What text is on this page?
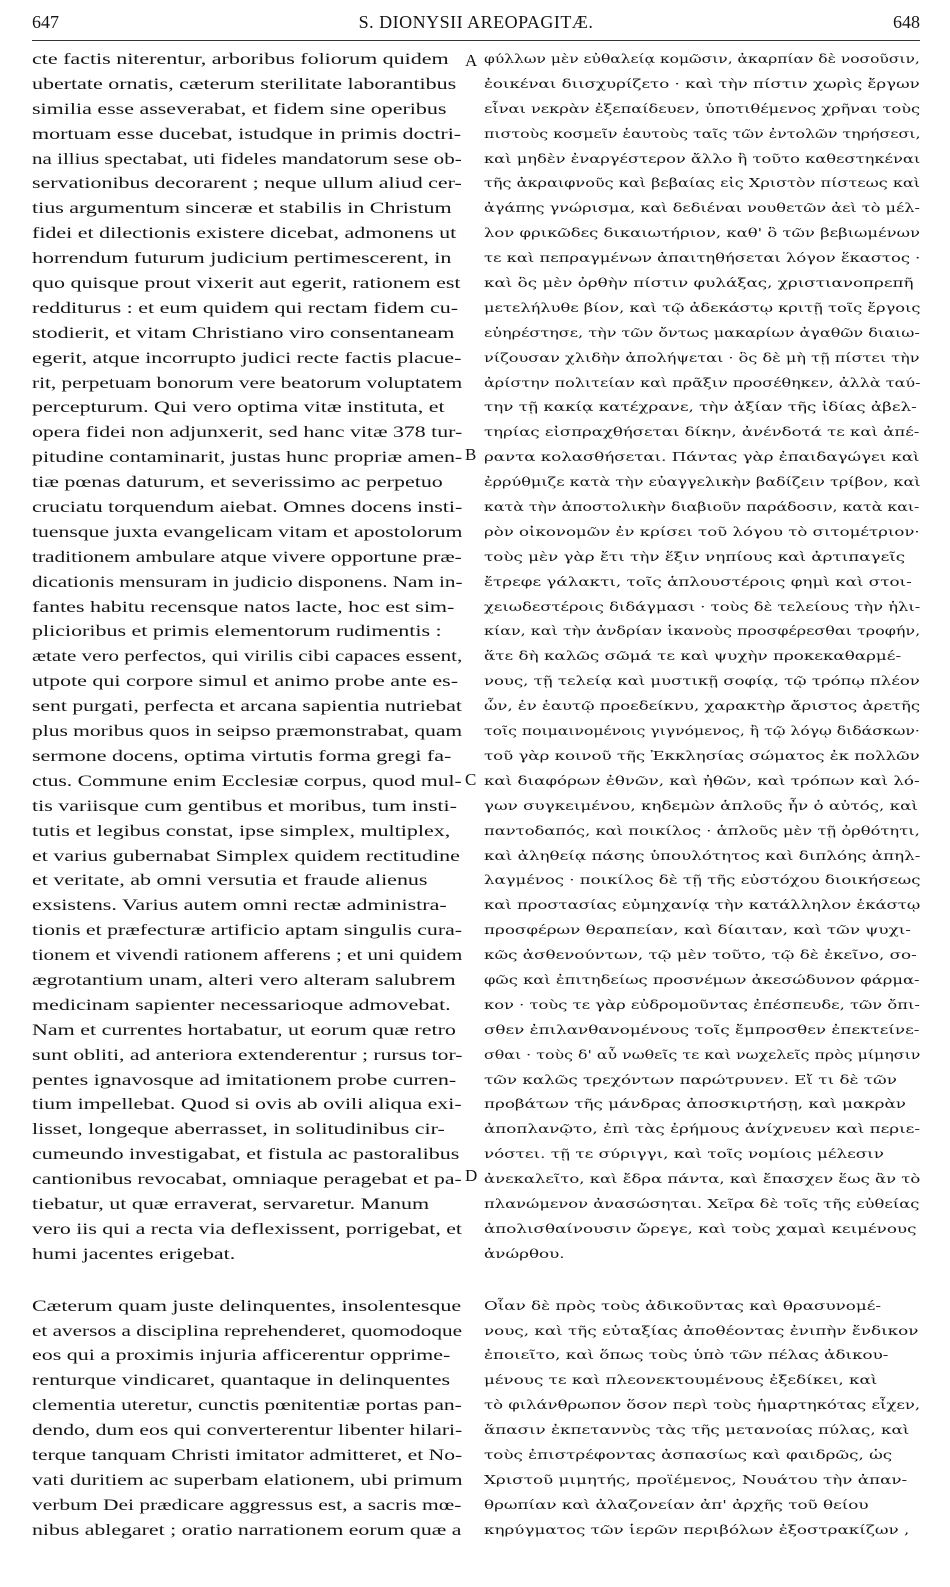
647	S. DIONYSII AREOPAGITÆ.	648
cte factis niterentur, arboribus foliorum quidem
ubertate ornatis, cæterum sterilitate laborantibus
similia esse asseverabat, et fidem sine operibus
mortuam esse ducebat, istudque in primis doctri-
na illius spectabat, uti fideles mandatorum sese ob-
servationibus decorarent ; neque ullum aliud cer-
tius argumentum sinceræ et stabilis in Christum
fidei et dilectionis existere dicebat, admonens ut
horrendum futurum judicium pertimescerent, in
quo quisque prout vixerit aut egerit, rationem est
redditurus : et eum quidem qui rectam fidem cu-
stodierit, et vitam Christiano viro consentaneam
egerit, atque incorrupto judici recte factis placue-
rit, perpetuam bonorum vere beatorum voluptatem
percepturum. Qui vero optima vitæ instituta, et
opera fidei non adjunxerit, sed hanc vitæ 378 tur-
pitudine contaminarit, justas hunc propriæ amen-
tiæ pœnas daturum, et severissimo ac perpetuo
cruciatu torquendum aiebat. Omnes docens insti-
tuensque juxta evangelicam vitam et apostolorum
traditionem ambulare atque vivere opportune præ-
dicationis mensuram in judicio disponens. Nam in-
fantes habitu recensque natos lacte, hoc est sim-
plicioribus et primis elementorum rudimentis :
ætate vero perfectos, qui virilis cibi capaces essent,
utpote qui corpore simul et animo probe ante es-
sent purgati, perfecta et arcana sapientia nutriebat
plus moribus quos in seipso præmonstrabat, quam
sermone docens, optima virtutis forma gregi fa-
ctus. Commune enim Ecclesiæ corpus, quod mul-
tis variisque cum gentibus et moribus, tum insti-
tutis et legibus constat, ipse simplex, multiplex,
et varius gubernabat Simplex quidem rectitudine
et veritate, ab omni versutia et fraude alienus
exsistens. Varius autem omni rectæ administra-
tionis et præfecturæ artificio aptam singulis cura-
tionem et vivendi rationem afferens ; et uni quidem
ægrotantium unam, alteri vero alteram salubrem
medicinam sapienter necessarioque admovebat.
Nam et currentes hortabatur, ut eorum quæ retro
sunt obliti, ad anteriora extenderentur ; rursus tor-
pentes ignavosque ad imitationem probe curren-
tium impellebat. Quod si ovis ab ovili aliqua exi-
lisset, longeque aberrasset, in solitudinibus cir-
cumeundo investigabat, et fistula ac pastoralibus
cantionibus revocabat, omniaque peragebat et pa-
tiebatur, ut quæ erraverat, servaretur. Manum
vero iis qui a recta via deflexissent, porrigebat, et
humi jacentes erigebat.
Cæterum quam juste delinquentes, insolentesque
et aversos a disciplina reprehenderet, quomodoque
eos qui a proximis injuria afficerentur opprime-
renturque vindicaret, quantaque in delinquentes
clementia uteretur, cunctis pœnitentiæ portas pan-
dendo, dum eos qui converterentur libenter hilari-
terque tanquam Christi imitator admitteret, et No-
vati duritiem ac superbam elationem, ubi primum
verbum Dei prædicare aggressus est, a sacris mœ-
nibus ablegaret ; oratio narrationem eorum quæ a
φύλλων μὲν εὐθαλείᾳ κομῶσιν, ἀκαρπίαν δὲ νοσοῦσιν,
ἐοικέναι διισχυρίζετο · καὶ τὴν πίστιν χωρὶς ἔργων
εἶναι νεκρὰν ἐξεπαίδευεν, ὑποτιθέμενος χρῆναι τοὺς
πιστοὺς κοσμεῖν ἑαυτοὺς ταῖς τῶν ἐντολῶν τηρήσεσι,
καὶ μηδὲν ἐναργέστερον ἄλλο ἢ τοῦτο καθεστηκέναι
τῆς ἀκραιφνοῦς καὶ βεβαίας εἰς Χριστὸν πίστεως καὶ
ἀγάπης γνώρισμα, καὶ δεδιέναι νουθετῶν ἀεὶ τὸ μέλ-
λον φρικῶδες δικαιωτήριον, καθ' ὃ τῶν βεβιωμένων
τε καὶ πεπραγμένων ἀπαιτηθήσεται λόγον ἕκαστος ·
καὶ ὃς μὲν ὀρθὴν πίστιν φυλάξας, χριστιανοπρεπῆ
μετελήλυθε βίον, καὶ τῷ ἀδεκάστῳ κριτῇ τοῖς ἔργοις
εὐηρέστησε, τὴν τῶν ὄντως μακαρίων ἀγαθῶν διαιω-
νίζουσαν χλιδὴν ἀπολήψεται · ὃς δὲ μὴ τῇ πίστει τὴν
ἀρίστην πολιτείαν καὶ πρᾶξιν προσέθηκεν, ἀλλὰ ταύ-
την τῇ κακίᾳ κατέχρανε, τὴν ἀξίαν τῆς ἰδίας ἀβελ-
τηρίας εἰσπραχθήσεται δίκην, ἀνένδοτά τε καὶ ἀπέ-
ραντα κολασθήσεται. Πάντας γὰρ ἐπαιδαγώγει καὶ
ἐρρύθμιζε κατὰ τὴν εὐαγγελικὴν βαδίζειν τρίβον, καὶ
κατὰ τὴν ἀποστολικὴν διαβιοῦν παράδοσιν, κατὰ και-
ρὸν οἰκονομῶν ἐν κρίσει τοῦ λόγου τὸ σιτομέτριον·
τοὺς μὲν γὰρ ἔτι τὴν ἕξιν νηπίους καὶ ἀρτιπαγεῖς
ἔτρεφε γάλακτι, τοῖς ἁπλουστέροις φημὶ καὶ στοι-
χειωδεστέροις διδάγμασι · τοὺς δὲ τελείους τὴν ἡλι-
κίαν, καὶ τὴν ἀνδρίαν ἱκανοὺς προσφέρεσθαι τροφήν,
ἅτε δὴ καλῶς σῶμά τε καὶ ψυχὴν προκεκαθαρμέ-
νους, τῇ τελείᾳ καὶ μυστικῇ σοφίᾳ, τῷ τρόπῳ πλέον
ὧν, ἐν ἑαυτῷ προεδείκνυ, χαρακτὴρ ἄριστος ἀρετῆς
τοῖς ποιμαινομένοις γιγνόμενος, ἢ τῷ λόγῳ διδάσκων·
τοῦ γὰρ κοινοῦ τῆς Ἐκκλησίας σώματος ἐκ πολλῶν
καὶ διαφόρων ἐθνῶν, καὶ ἠθῶν, καὶ τρόπων καὶ λό-
γων συγκειμένου, κηδεμὼν ἁπλοῦς ἦν ὁ αὐτός, καὶ
παντοδαπός, καὶ ποικίλος · ἁπλοῦς μὲν τῇ ὀρθότητι,
καὶ ἀληθείᾳ πάσης ὑπουλότητος καὶ διπλόης ἀπηλ-
λαγμένος · ποικίλος δὲ τῇ τῆς εὐστόχου διοικήσεως
καὶ προστασίας εὐμηχανίᾳ τὴν κατάλληλον ἑκάστῳ
προσφέρων θεραπείαν, καὶ δίαιταν, καὶ τῶν ψυχι-
κῶς ἀσθενούντων, τῷ μὲν τοῦτο, τῷ δὲ ἐκεῖνο, σο-
φῶς καὶ ἐπιτηδείως προσνέμων ἀκεσώδυνον φάρμα-
κον · τοὺς τε γὰρ εὐδρομοῦντας ἐπέσπευδε, τῶν ὄπι-
σθεν ἐπιλανθανομένους τοῖς ἔμπροσθεν ἐπεκτείνε-
σθαι · τοὺς δ' αὖ νωθεῖς τε καὶ νωχελεῖς πρὸς μίμησιν
τῶν καλῶς τρεχόντων παρώτρυνεν. Εἴ τι δὲ τῶν
προβάτων τῆς μάνδρας ἀποσκιρτήσῃ, καὶ μακρὰν
ἀποπλανῷτο, ἐπὶ τὰς ἐρήμους ἀνίχνευεν καὶ περιε-
νόστει. τῇ τε σύριγγι, καὶ τοῖς νομίοις μέλεσιν
ἀνεκαλεῖτο, καὶ ἔδρα πάντα, καὶ ἔπασχεν ἕως ἂν τὸ
πλανώμενον ἀνασώσηται. Χεῖρα δὲ τοῖς τῆς εὐθείας
ἀπολισθαίνουσιν ὤρεγε, καὶ τοὺς χαμαὶ κειμένους
ἀνώρθου.
Οἷαν δὲ πρὸς τοὺς ἀδικοῦντας καὶ θρασυνομέ-
νους, καὶ τῆς εὐταξίας ἀποθέοντας ἐνιπὴν ἔνδικον
ἐποιεῖτο, καὶ ὅπως τοὺς ὑπὸ τῶν πέλας ἀδικου-
μένους τε καὶ πλεονεκτουμένους ἐξεδίκει, καὶ
τὸ φιλάνθρωπον ὅσον περὶ τοὺς ἡμαρτηκότας εἶχεν,
ἅπασιν ἐκπεταννὺς τὰς τῆς μετανοίας πύλας, καὶ
τοὺς ἐπιστρέφοντας ἀσπασίως καὶ φαιδρῶς, ὡς
Χριστοῦ μιμητής, προϊέμενος, Νουάτου τὴν ἀπαν-
θρωπίαν καὶ ἀλαζονείαν ἀπ' ἀρχῆς τοῦ θείου
κηρύγματος τῶν ἱερῶν περιβόλων ἐξοστρακίζων ,
A
B
C
D
